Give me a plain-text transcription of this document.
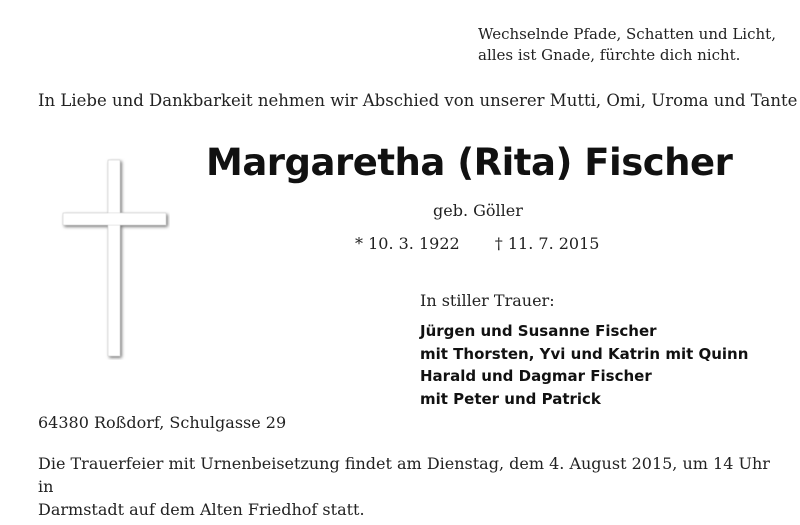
Wechselnde Pfade, Schatten und Licht,
alles ist Gnade, fürchte dich nicht.
In Liebe und Dankbarkeit nehmen wir Abschied von unserer Mutti, Omi, Uroma und Tante
Margaretha (Rita) Fischer
geb. Göller
* 10. 3. 1922 † 11. 7. 2015
In stiller Trauer:
Jürgen und Susanne Fischer
mit Thorsten, Yvi und Katrin mit Quinn
Harald und Dagmar Fischer
mit Peter und Patrick
64380 Roßdorf, Schulgasse 29
Die Trauerfeier mit Urnenbeisetzung findet am Dienstag, dem 4. August 2015, um 14 Uhr in
Darmstadt auf dem Alten Friedhof statt.
